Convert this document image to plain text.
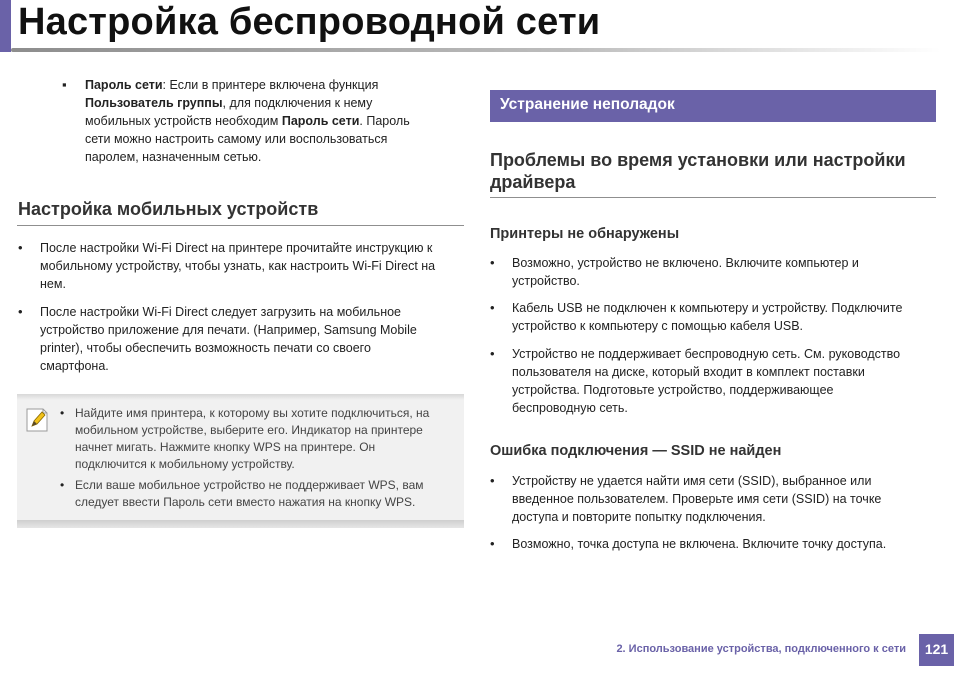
Настройка беспроводной сети
▪ Пароль сети: Если в принтере включена функция
Пользователь группы, для подключения к нему
мобильных устройств необходим Пароль сети. Пароль
сети можно настроить самому или воспользоваться
паролем, назначенным сетью.
Настройка мобильных устройств
• После настройки Wi-Fi Direct на принтере прочитайте инструкцию к
мобильному устройству, чтобы узнать, как настроить Wi-Fi Direct на
нем.
• После настройки Wi-Fi Direct следует загрузить на мобильное
устройство приложение для печати. (Например, Samsung Mobile
printer), чтобы обеспечить возможность печати со своего
смартфона.
• Найдите имя принтера, к которому вы хотите подключиться, на
мобильном устройстве, выберите его. Индикатор на принтере
начнет мигать. Нажмите кнопку WPS на принтере. Он
подключится к мобильному устройству.
• Если ваше мобильное устройство не поддерживает WPS, вам
следует ввести Пароль сети вместо нажатия на кнопку WPS.
Устранение неполадок
Проблемы во время установки или настройки
драйвера
Принтеры не обнаружены
• Возможно, устройство не включено. Включите компьютер и
устройство.
• Кабель USB не подключен к компьютеру и устройству. Подключите
устройство к компьютеру с помощью кабеля USB.
• Устройство не поддерживает беспроводную сеть. См. руководство
пользователя на диске, который входит в комплект поставки
устройства. Подготовьте устройство, поддерживающее
беспроводную сеть.
Ошибка подключения — SSID не найден
• Устройству не удается найти имя сети (SSID), выбранное или
введенное пользователем. Проверьте имя сети (SSID) на точке
доступа и повторите попытку подключения.
• Возможно, точка доступа не включена. Включите точку доступа.
2. Использование устройства, подключенного к сети	121
